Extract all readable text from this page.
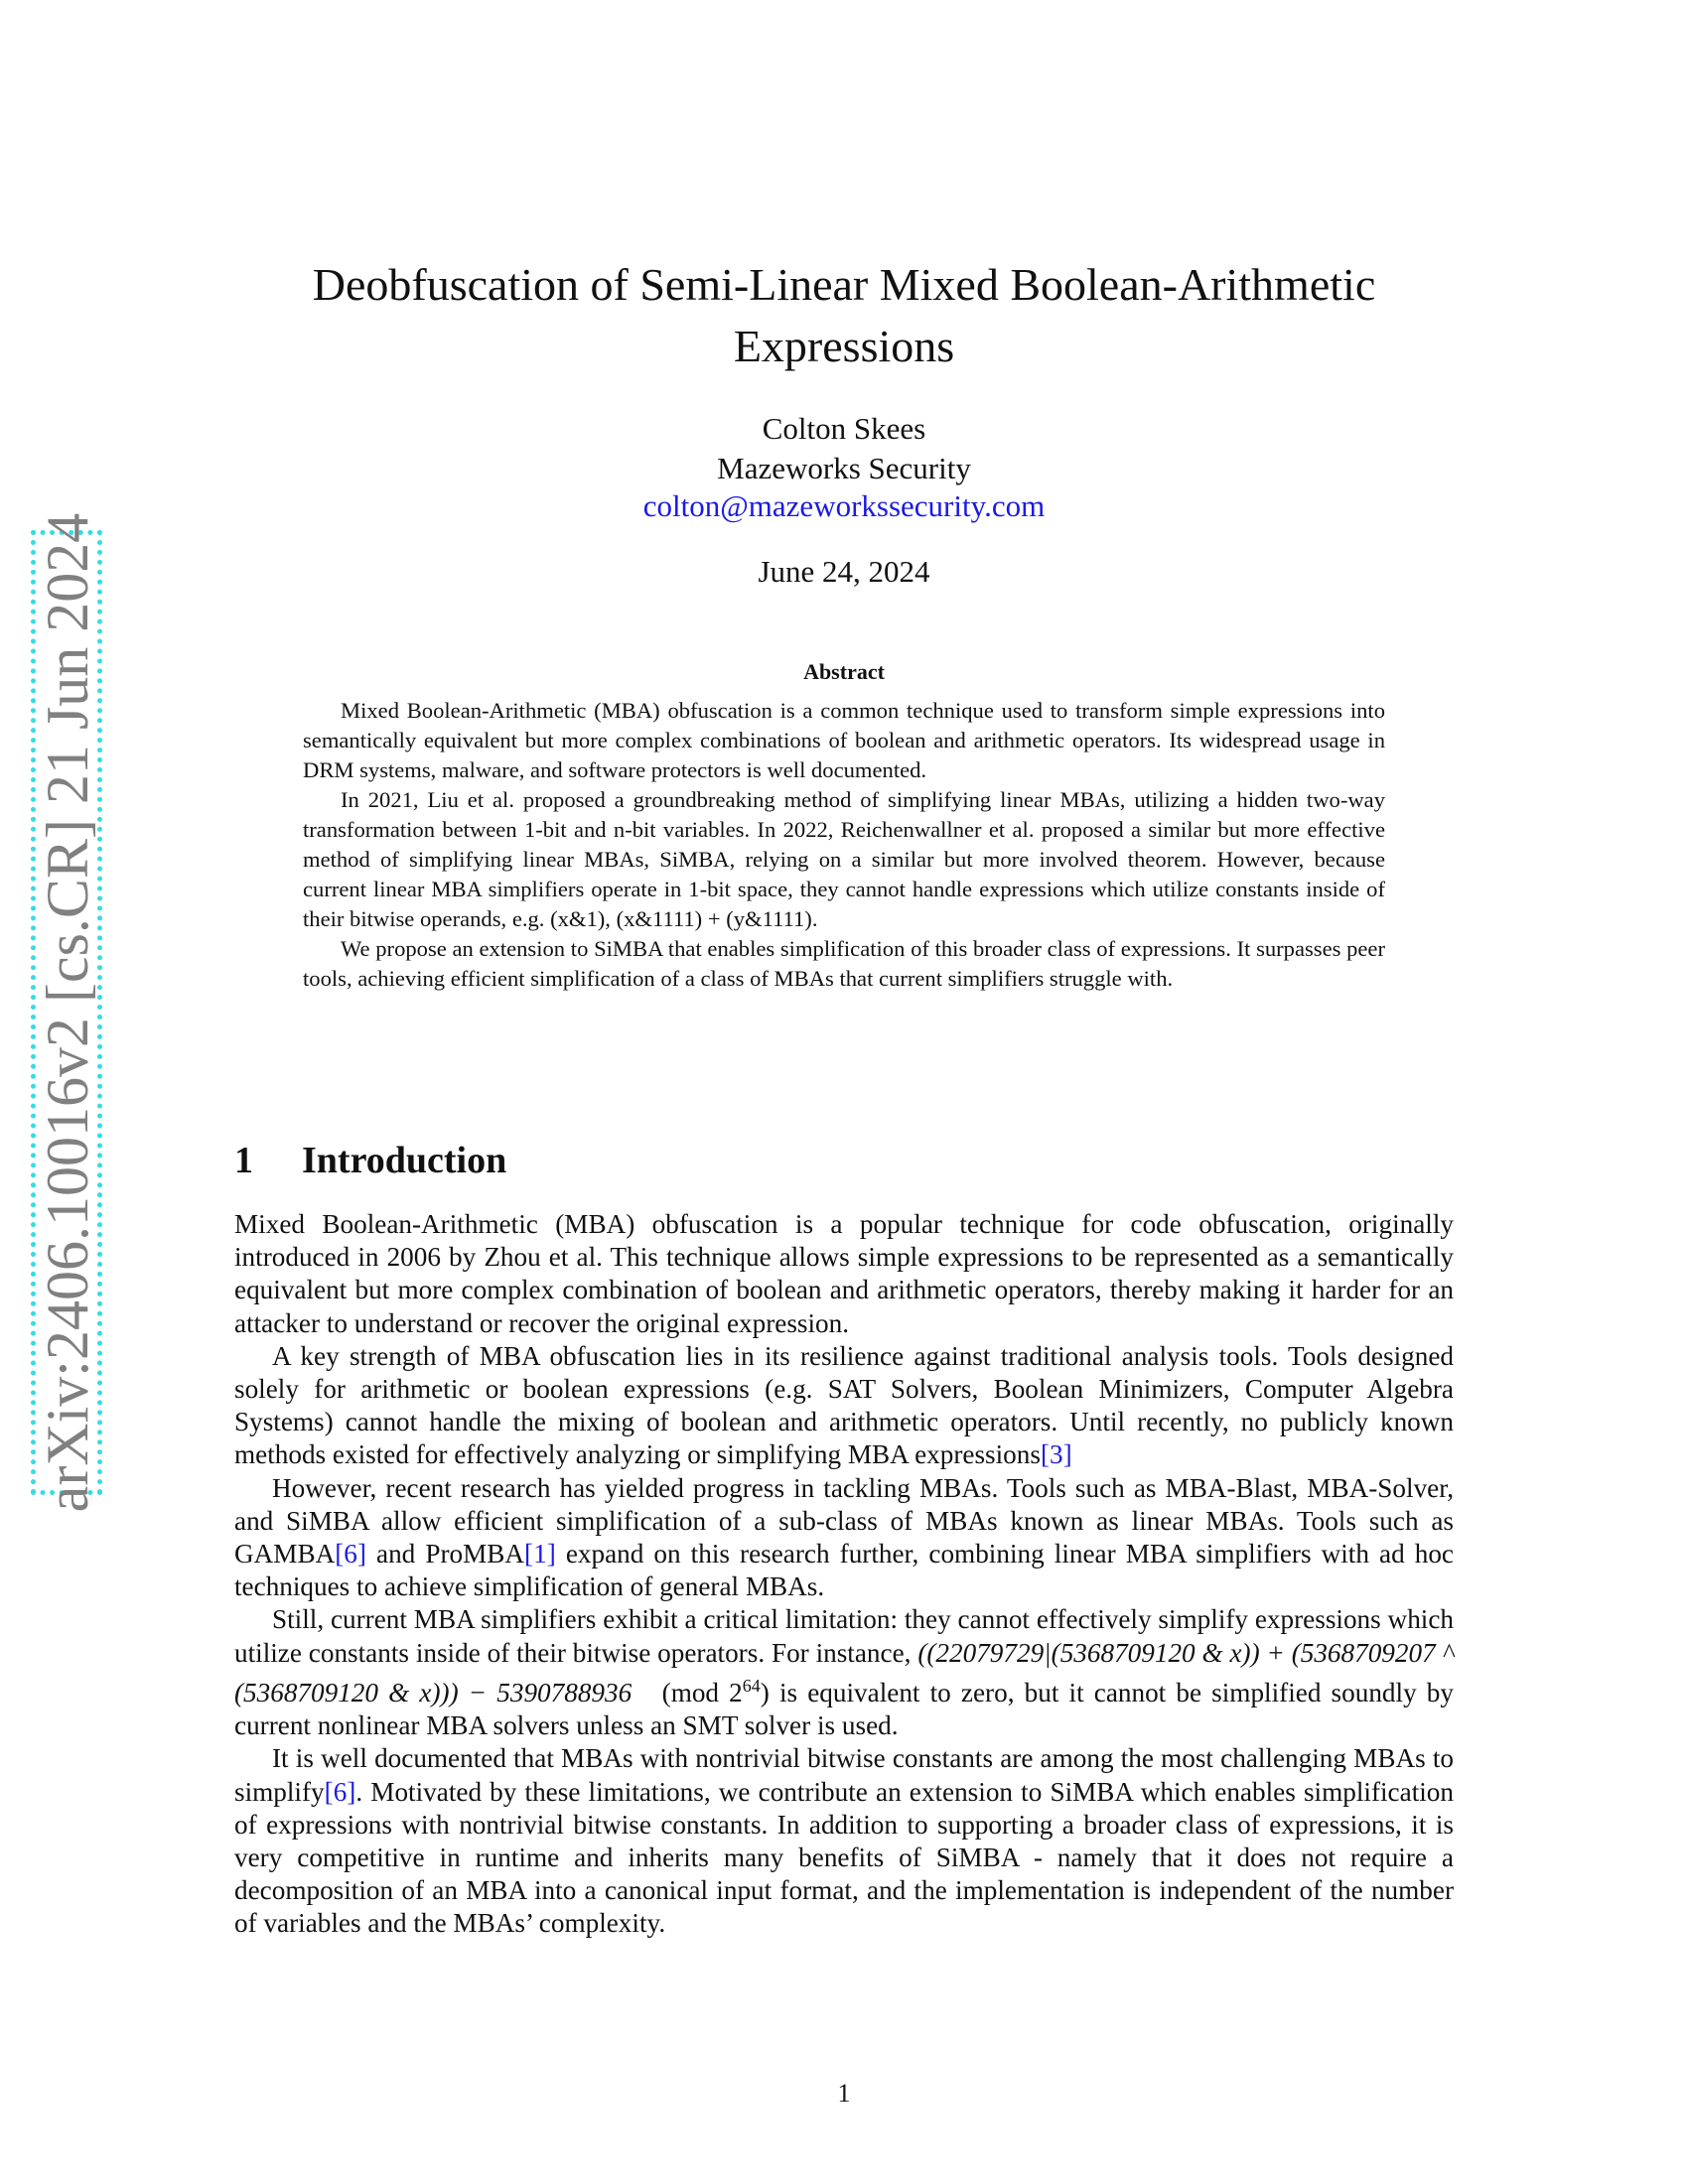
arXiv:2406.10016v2 [cs.CR] 21 Jun 2024
Deobfuscation of Semi-Linear Mixed Boolean-Arithmetic
Expressions
Colton Skees
Mazeworks Security
colton@mazeworkssecurity.com
June 24, 2024
Abstract

Mixed Boolean-Arithmetic (MBA) obfuscation is a common technique used to transform simple expressions into semantically equivalent but more complex combinations of boolean and arithmetic operators. Its widespread usage in DRM systems, malware, and software protectors is well documented.

In 2021, Liu et al. proposed a groundbreaking method of simplifying linear MBAs, utilizing a hidden two-way transformation between 1-bit and n-bit variables. In 2022, Reichenwallner et al. proposed a similar but more effective method of simplifying linear MBAs, SiMBA, relying on a similar but more involved theorem. However, because current linear MBA simplifiers operate in 1-bit space, they cannot handle expressions which utilize constants inside of their bitwise operands, e.g. (x&1), (x&1111) + (y&1111).

We propose an extension to SiMBA that enables simplification of this broader class of expressions. It surpasses peer tools, achieving efficient simplification of a class of MBAs that current simplifiers struggle with.

1 Introduction

Mixed Boolean-Arithmetic (MBA) obfuscation is a popular technique for code obfuscation, originally introduced in 2006 by Zhou et al. This technique allows simple expressions to be represented as a semantically equivalent but more complex combination of boolean and arithmetic operators, thereby making it harder for an attacker to understand or recover the original expression.

A key strength of MBA obfuscation lies in its resilience against traditional analysis tools. Tools designed solely for arithmetic or boolean expressions (e.g. SAT Solvers, Boolean Minimizers, Computer Algebra Systems) cannot handle the mixing of boolean and arithmetic operators. Until recently, no publicly known methods existed for effectively analyzing or simplifying MBA expressions[3]

However, recent research has yielded progress in tackling MBAs. Tools such as MBA-Blast, MBA-Solver, and SiMBA allow efficient simplification of a sub-class of MBAs known as linear MBAs. Tools such as GAMBA[6] and ProMBA[1] expand on this research further, combining linear MBA simplifiers with ad hoc techniques to achieve simplification of general MBAs.

Still, current MBA simplifiers exhibit a critical limitation: they cannot effectively simplify expressions which utilize constants inside of their bitwise operators. For instance, ((22079729|(5368709120 & x)) + (5368709207 ^ (5368709120 & x))) − 5390788936 (mod $2^{64}$) is equivalent to zero, but it cannot be simplified soundly by current nonlinear MBA solvers unless an SMT solver is used.

It is well documented that MBAs with nontrivial bitwise constants are among the most challenging MBAs to simplify[6]. Motivated by these limitations, we contribute an extension to SiMBA which enables simplification of expressions with nontrivial bitwise constants. In addition to supporting a broader class of expressions, it is very competitive in runtime and inherits many benefits of SiMBA - namely that it does not require a decomposition of an MBA into a canonical input format, and the implementation is independent of the number of variables and the MBAs’ complexity.

1
